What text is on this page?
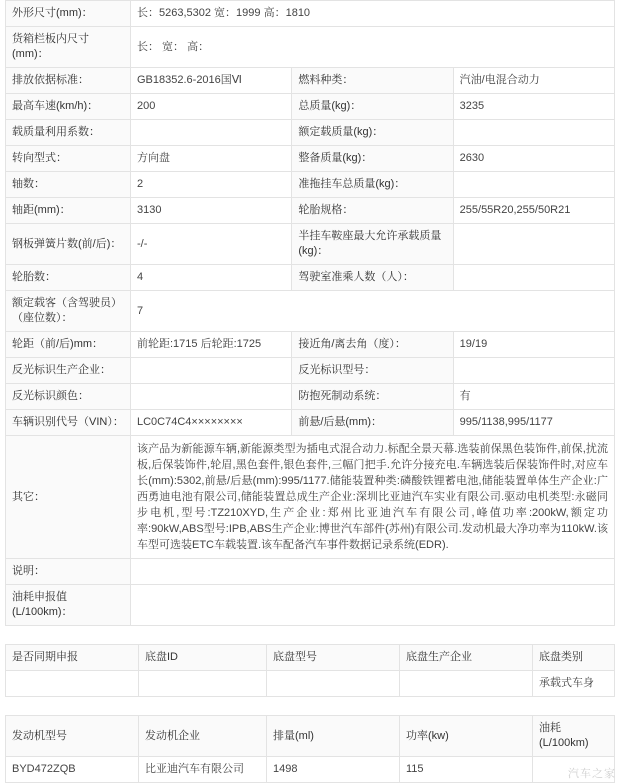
外形尺寸(mm)：	长：5263,5302 宽：1999 高：1810		
货箱栏板内尺寸(mm)：	长： 宽： 高：		
排放依据标准：	GB18352.6-2016国Ⅵ	燃料种类：	汽油/电混合动力
最高车速(km/h)：	200	总质量(kg)：	3235
载质量利用系数：		额定载质量(kg)：	
转向型式：	方向盘	整备质量(kg)：	2630
轴数：	2	准拖挂车总质量(kg)：	
轴距(mm)：	3130	轮胎规格：	255/55R20,255/50R21
钢板弹簧片数(前/后)：	-/-	半挂车鞍座最大允许承载质量(kg)：	
轮胎数：	4	驾驶室准乘人数（人）：	
额定载客（含驾驶员）（座位数）：	7		
轮距（前/后)mm：	前轮距:1715 后轮距:1725	接近角/离去角（度）：	19/19
反光标识生产企业：		反光标识型号：	
反光标识颜色：		防抱死制动系统：	有
车辆识别代号（VIN）：	LC0C74C4××××××××	前悬/后悬(mm)：	995/1138,995/1177
其它：	该产品为新能源车辆,新能源类型为插电式混合动力.标配全景天幕.选装前保黑色装饰件,前保,扰流板,后保装饰件,轮眉,黑色套件,银色套件,三幅门把手.允许分接充电.车辆选装后保装饰件时,对应车长(mm):5302,前悬/后悬(mm):995/1177.储能装置种类:磷酸铁锂蓄电池,储能装置单体生产企业:广西勇迪电池有限公司,储能装置总成生产企业:深圳比亚迪汽车实业有限公司.驱动电机类型:永磁同步电机,型号:TZ210XYD,生产企业:郑州比亚迪汽车有限公司,峰值功率:200kW,额定功率:90kW,ABS型号:IPB,ABS生产企业:博世汽车部件(苏州)有限公司.发动机最大净功率为110kW.该车型可选装ETC车载装置.该车配备汽车事件数据记录系统(EDR).		
说明：			
油耗申报值(L/100km)：			
是否同期申报	底盘ID	底盘型号	底盘生产企业	底盘类别
				承载式车身
发动机型号	发动机企业	排量(ml)	功率(kw)	油耗(L/100km)
BYD472ZQB	比亚迪汽车有限公司	1498	115		汽车之家
